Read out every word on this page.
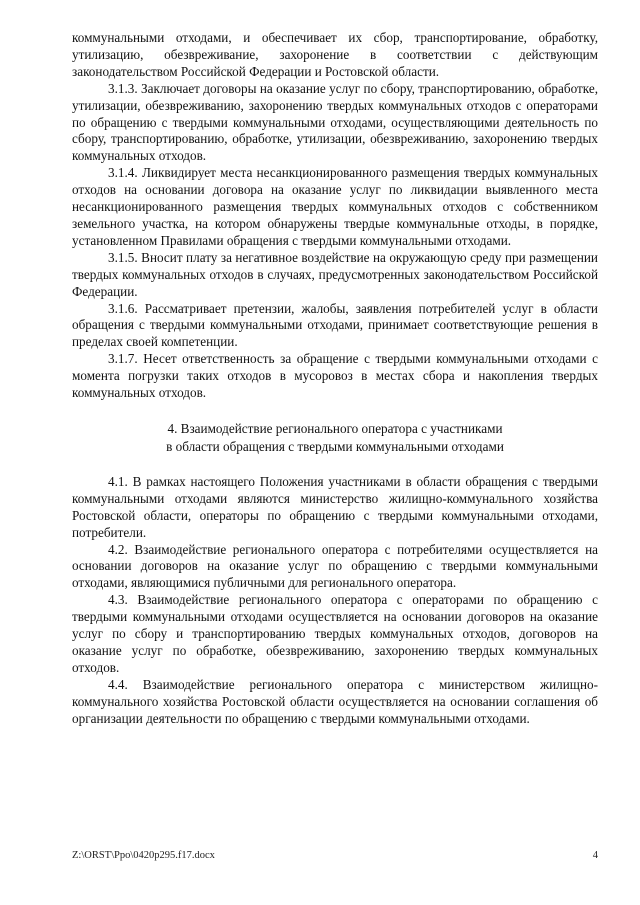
коммунальными отходами, и обеспечивает их сбор, транспортирование, обработку, утилизацию, обезвреживание, захоронение в соответствии с действующим законодательством Российской Федерации и Ростовской области.

3.1.3. Заключает договоры на оказание услуг по сбору, транспортированию, обработке, утилизации, обезвреживанию, захоронению твердых коммунальных отходов с операторами по обращению с твердыми коммунальными отходами, осуществляющими деятельность по сбору, транспортированию, обработке, утилизации, обезвреживанию, захоронению твердых коммунальных отходов.

3.1.4. Ликвидирует места несанкционированного размещения твердых коммунальных отходов на основании договора на оказание услуг по ликвидации выявленного места несанкционированного размещения твердых коммунальных отходов с собственником земельного участка, на котором обнаружены твердые коммунальные отходы, в порядке, установленном Правилами обращения с твердыми коммунальными отходами.

3.1.5. Вносит плату за негативное воздействие на окружающую среду при размещении твердых коммунальных отходов в случаях, предусмотренных законодательством Российской Федерации.

3.1.6. Рассматривает претензии, жалобы, заявления потребителей услуг в области обращения с твердыми коммунальными отходами, принимает соответствующие решения в пределах своей компетенции.

3.1.7. Несет ответственность за обращение с твердыми коммунальными отходами с момента погрузки таких отходов в мусоровоз в местах сбора и накопления твердых коммунальных отходов.

4. Взаимодействие регионального оператора с участниками
в области обращения с твердыми коммунальными отходами

4.1. В рамках настоящего Положения участниками в области обращения с твердыми коммунальными отходами являются министерство жилищно-коммунального хозяйства Ростовской области, операторы по обращению с твердыми коммунальными отходами, потребители.

4.2. Взаимодействие регионального оператора с потребителями осуществляется на основании договоров на оказание услуг по обращению с твердыми коммунальными отходами, являющимися публичными для регионального оператора.

4.3. Взаимодействие регионального оператора с операторами по обращению с твердыми коммунальными отходами осуществляется на основании договоров на оказание услуг по сбору и транспортированию твердых коммунальных отходов, договоров на оказание услуг по обработке, обезвреживанию, захоронению твердых коммунальных отходов.

4.4. Взаимодействие регионального оператора с министерством жилищно-коммунального хозяйства Ростовской области осуществляется на основании соглашения об организации деятельности по обращению с твердыми коммунальными отходами.

Z:\ORST\Ppo\0420p295.f17.docx	4
